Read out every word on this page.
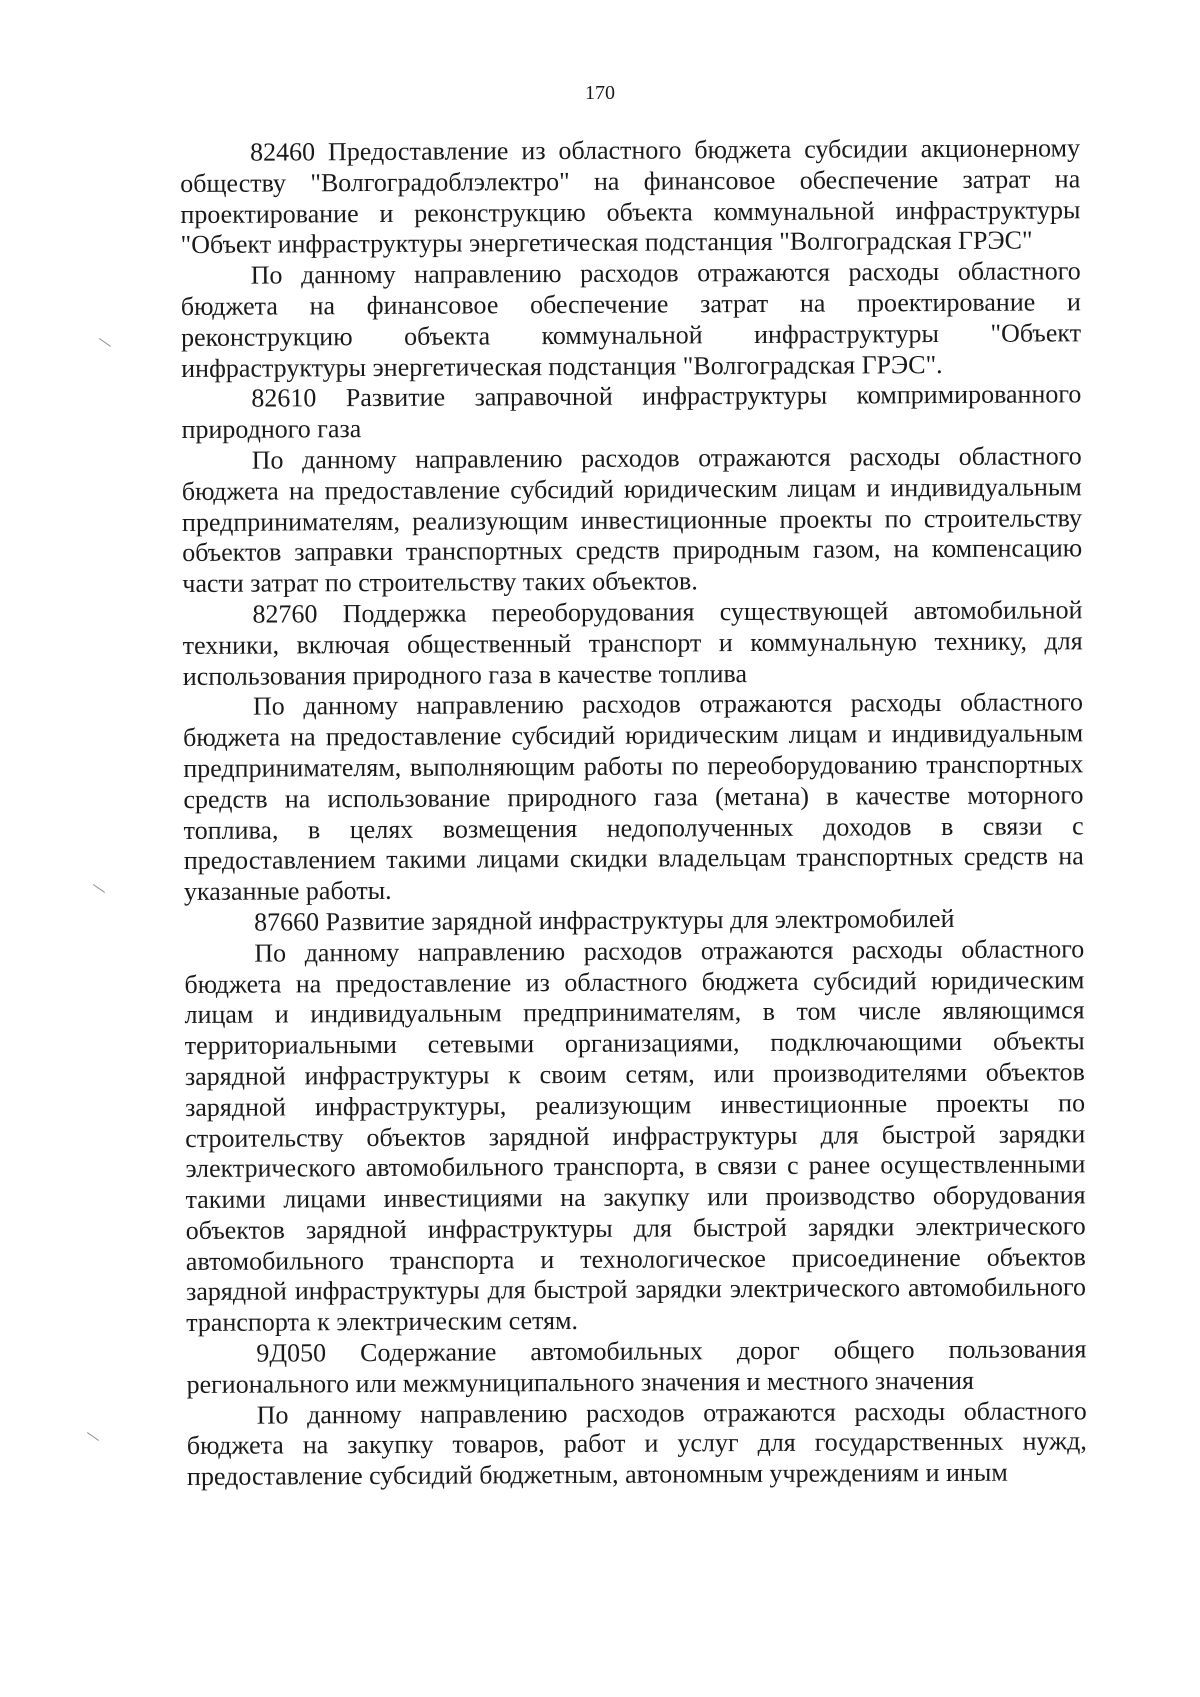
170

82460 Предоставление из областного бюджета субсидии акционерному обществу "Волгоградоблэлектро" на финансовое обеспечение затрат на проектирование и реконструкцию объекта коммунальной инфраструктуры "Объект инфраструктуры энергетическая подстанция "Волгоградская ГРЭС"

По данному направлению расходов отражаются расходы областного бюджета на финансовое обеспечение затрат на проектирование и реконструкцию объекта коммунальной инфраструктуры "Объект инфраструктуры энергетическая подстанция "Волгоградская ГРЭС".

82610 Развитие заправочной инфраструктуры компримированного природного газа

По данному направлению расходов отражаются расходы областного бюджета на предоставление субсидий юридическим лицам и индивидуальным предпринимателям, реализующим инвестиционные проекты по строительству объектов заправки транспортных средств природным газом, на компенсацию части затрат по строительству таких объектов.

82760 Поддержка переоборудования существующей автомобильной техники, включая общественный транспорт и коммунальную технику, для использования природного газа в качестве топлива

По данному направлению расходов отражаются расходы областного бюджета на предоставление субсидий юридическим лицам и индивидуальным предпринимателям, выполняющим работы по переоборудованию транспортных средств на использование природного газа (метана) в качестве моторного топлива, в целях возмещения недополученных доходов в связи с предоставлением такими лицами скидки владельцам транспортных средств на указанные работы.

87660 Развитие зарядной инфраструктуры для электромобилей

По данному направлению расходов отражаются расходы областного бюджета на предоставление из областного бюджета субсидий юридическим лицам и индивидуальным предпринимателям, в том числе являющимся территориальными сетевыми организациями, подключающими объекты зарядной инфраструктуры к своим сетям, или производителями объектов зарядной инфраструктуры, реализующим инвестиционные проекты по строительству объектов зарядной инфраструктуры для быстрой зарядки электрического автомобильного транспорта, в связи с ранее осуществленными такими лицами инвестициями на закупку или производство оборудования объектов зарядной инфраструктуры для быстрой зарядки электрического автомобильного транспорта и технологическое присоединение объектов зарядной инфраструктуры для быстрой зарядки электрического автомобильного транспорта к электрическим сетям.

9Д050 Содержание автомобильных дорог общего пользования регионального или межмуниципального значения и местного значения

По данному направлению расходов отражаются расходы областного бюджета на закупку товаров, работ и услуг для государственных нужд, предоставление субсидий бюджетным, автономным учреждениям и иным
